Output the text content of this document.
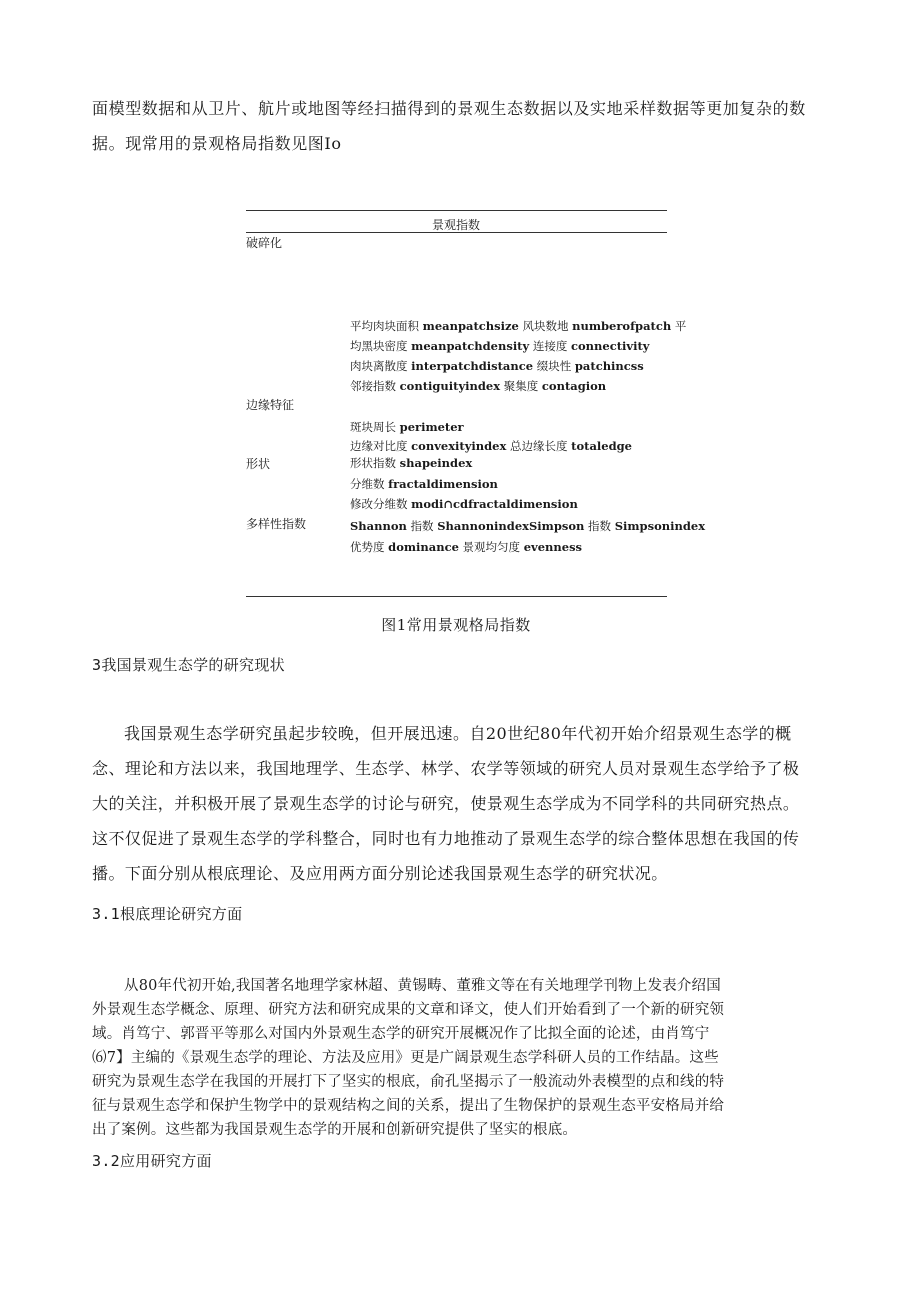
面模型数据和从卫片、航片或地图等经扫描得到的景观生态数据以及实地采样数据等更加复杂的数
据。现常用的景观格局指数见图Io
景观指数
破碎化
边缘特征
形状
多样性指数
平均肉块面积 meanpatchsize 风块数地 numberofpatch 平
均黑块密度 meanpatchdensity 连接度 connectivity
肉块离散度 interpatchdistance 缀块性 patchincss
邻接指数 contiguityindex 聚集度 contagion
斑块周长 perimeter
边缘对比度 convexityindex 总边缘长度 totaledge
形状指数 shapeindex
分维数 fractaldimension
修改分维数 modi∩cdfractaldimension
Shannon 指数 ShannonindexSimpson 指数 Simpsonindex
优势度 dominance 景观均匀度 evenness
图1常用景观格局指数
3我国景观生态学的研究现状
我国景观生态学研究虽起步较晚，但开展迅速。自20世纪80年代初开始介绍景观生态学的概
念、理论和方法以来，我国地理学、生态学、林学、农学等领域的研究人员对景观生态学给予了极
大的关注，并积极开展了景观生态学的讨论与研究，使景观生态学成为不同学科的共同研究热点。
这不仅促进了景观生态学的学科整合，同时也有力地推动了景观生态学的综合整体思想在我国的传
播。下面分别从根底理论、及应用两方面分别论述我国景观生态学的研究状况。
3.1根底理论研究方面
从80年代初开始,我国著名地理学家林超、黄锡畴、董雅文等在有关地理学刊物上发表介绍国
外景观生态学概念、原理、研究方法和研究成果的文章和译文，使人们开始看到了一个新的研究领
域。肖笃宁、郭晋平等那么对国内外景观生态学的研究开展概况作了比拟全面的论述，由肖笃宁
⑹7】主编的《景观生态学的理论、方法及应用》更是广阔景观生态学科研人员的工作结晶。这些
研究为景观生态学在我国的开展打下了坚实的根底，俞孔坚揭示了一般流动外表模型的点和线的特
征与景观生态学和保护生物学中的景观结构之间的关系，提出了生物保护的景观生态平安格局并给
出了案例。这些都为我国景观生态学的开展和创新研究提供了坚实的根底。
3.2应用研究方面
